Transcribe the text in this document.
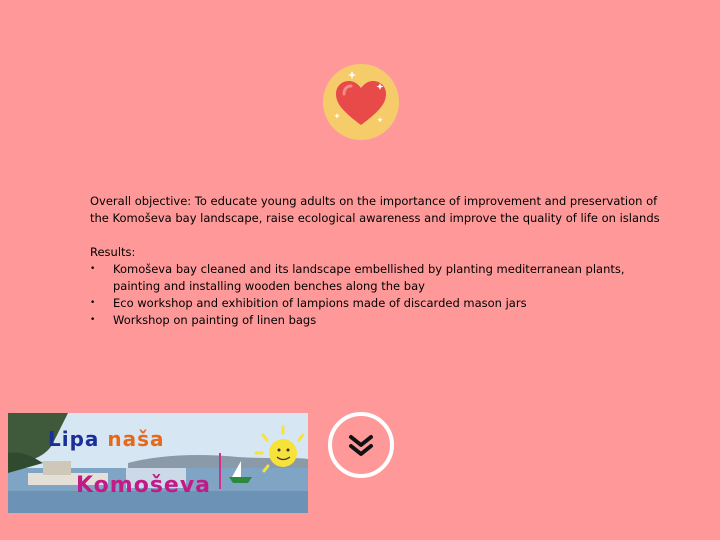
Overall objective: To educate young adults on the importance of improvement and preservation of the Komoševa bay landscape, raise ecological awareness and improve the quality of life on islands

Results:

• Komoševa bay cleaned and its landscape embellished by planting mediterranean plants, painting and installing wooden benches along the bay
• Eco workshop and exhibition of lampions made of discarded mason jars
• Workshop on painting of linen bags
Lipa naša
Komoševa
